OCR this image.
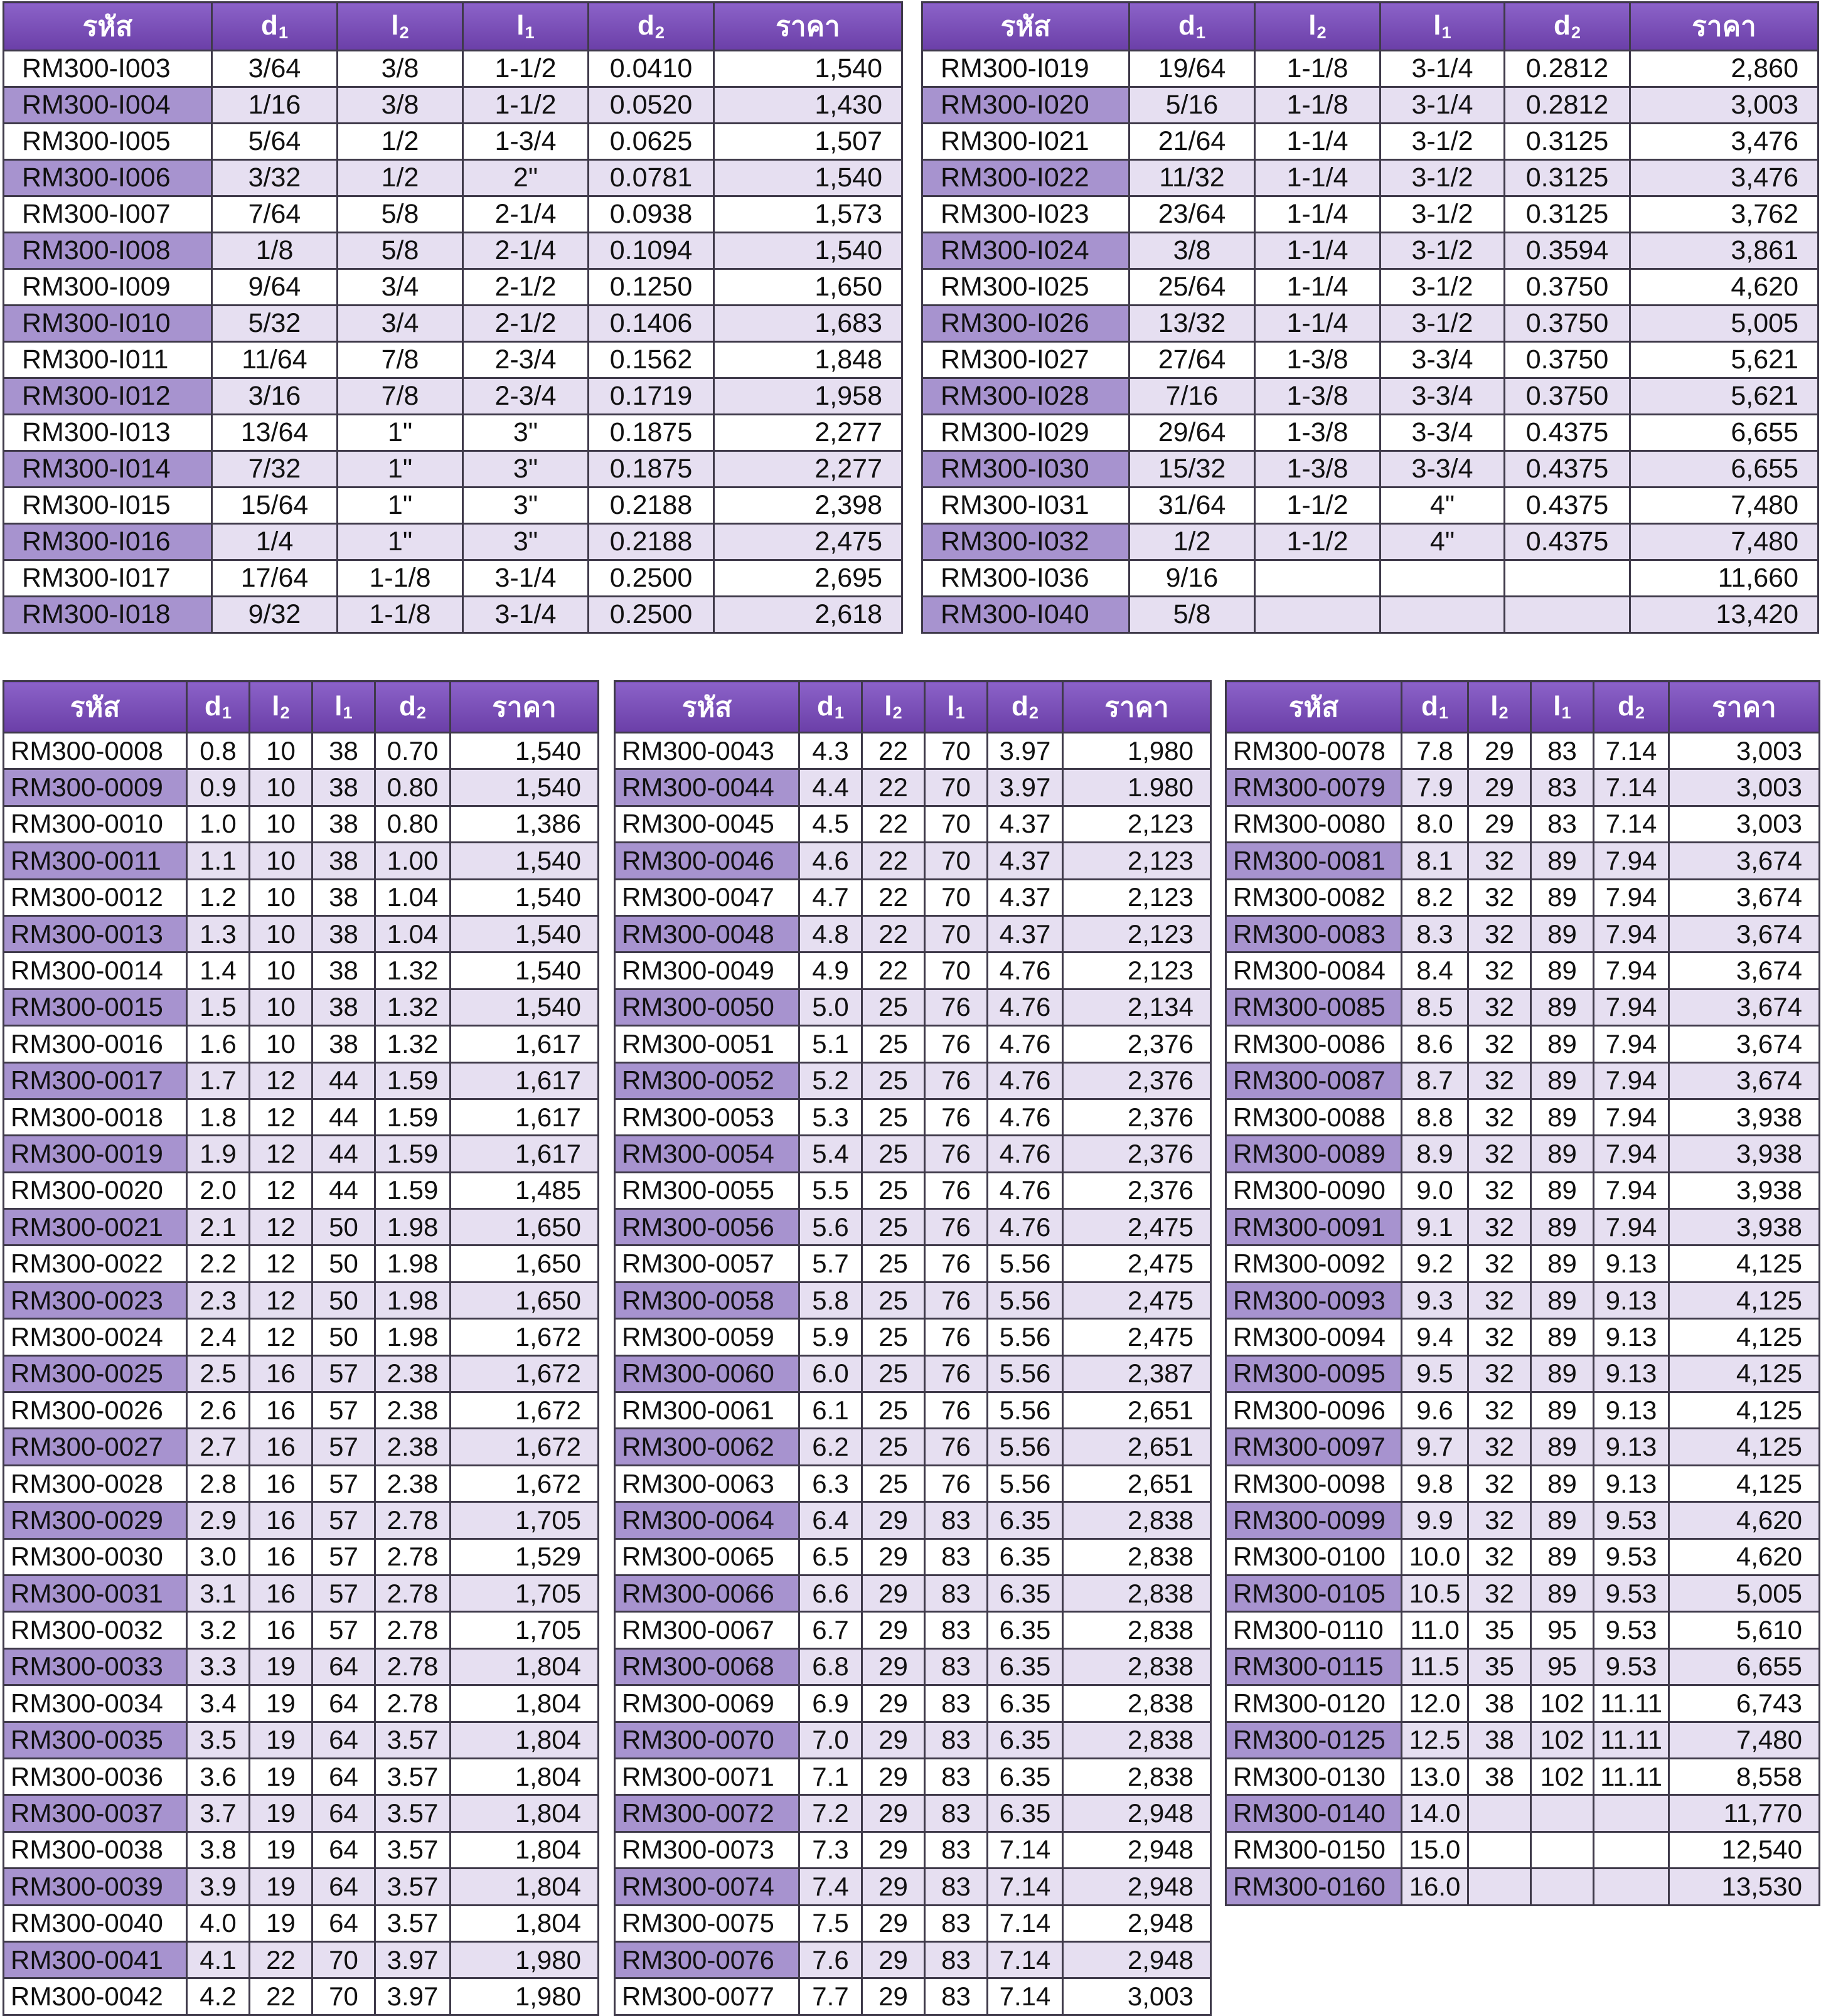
รหัส	$d_1$	$l_2$	$l_1$	$d_2$	ราคา
RM300-I003	3/64	3/8	1-1/2	0.0410	1,540
RM300-I004	1/16	3/8	1-1/2	0.0520	1,430
RM300-I005	5/64	1/2	1-3/4	0.0625	1,507
RM300-I006	3/32	1/2	2"	0.0781	1,540
RM300-I007	7/64	5/8	2-1/4	0.0938	1,573
RM300-I008	1/8	5/8	2-1/4	0.1094	1,540
RM300-I009	9/64	3/4	2-1/2	0.1250	1,650
RM300-I010	5/32	3/4	2-1/2	0.1406	1,683
RM300-I011	11/64	7/8	2-3/4	0.1562	1,848
RM300-I012	3/16	7/8	2-3/4	0.1719	1,958
RM300-I013	13/64	1"	3"	0.1875	2,277
RM300-I014	7/32	1"	3"	0.1875	2,277
RM300-I015	15/64	1"	3"	0.2188	2,398
RM300-I016	1/4	1"	3"	0.2188	2,475
RM300-I017	17/64	1-1/8	3-1/4	0.2500	2,695
RM300-I018	9/32	1-1/8	3-1/4	0.2500	2,618
รหัส	$d_1$	$l_2$	$l_1$	$d_2$	ราคา
RM300-I019	19/64	1-1/8	3-1/4	0.2812	2,860
RM300-I020	5/16	1-1/8	3-1/4	0.2812	3,003
RM300-I021	21/64	1-1/4	3-1/2	0.3125	3,476
RM300-I022	11/32	1-1/4	3-1/2	0.3125	3,476
RM300-I023	23/64	1-1/4	3-1/2	0.3125	3,762
RM300-I024	3/8	1-1/4	3-1/2	0.3594	3,861
RM300-I025	25/64	1-1/4	3-1/2	0.3750	4,620
RM300-I026	13/32	1-1/4	3-1/2	0.3750	5,005
RM300-I027	27/64	1-3/8	3-3/4	0.3750	5,621
RM300-I028	7/16	1-3/8	3-3/4	0.3750	5,621
RM300-I029	29/64	1-3/8	3-3/4	0.4375	6,655
RM300-I030	15/32	1-3/8	3-3/4	0.4375	6,655
RM300-I031	31/64	1-1/2	4"	0.4375	7,480
RM300-I032	1/2	1-1/2	4"	0.4375	7,480
RM300-I036	9/16				11,660
RM300-I040	5/8				13,420
รหัส	$d_1$	$l_2$	$l_1$	$d_2$	ราคา
RM300-0008	0.8	10	38	0.70	1,540
RM300-0009	0.9	10	38	0.80	1,540
RM300-0010	1.0	10	38	0.80	1,386
RM300-0011	1.1	10	38	1.00	1,540
RM300-0012	1.2	10	38	1.04	1,540
RM300-0013	1.3	10	38	1.04	1,540
RM300-0014	1.4	10	38	1.32	1,540
RM300-0015	1.5	10	38	1.32	1,540
RM300-0016	1.6	10	38	1.32	1,617
RM300-0017	1.7	12	44	1.59	1,617
RM300-0018	1.8	12	44	1.59	1,617
RM300-0019	1.9	12	44	1.59	1,617
RM300-0020	2.0	12	44	1.59	1,485
RM300-0021	2.1	12	50	1.98	1,650
RM300-0022	2.2	12	50	1.98	1,650
RM300-0023	2.3	12	50	1.98	1,650
RM300-0024	2.4	12	50	1.98	1,672
RM300-0025	2.5	16	57	2.38	1,672
RM300-0026	2.6	16	57	2.38	1,672
RM300-0027	2.7	16	57	2.38	1,672
RM300-0028	2.8	16	57	2.38	1,672
RM300-0029	2.9	16	57	2.78	1,705
RM300-0030	3.0	16	57	2.78	1,529
RM300-0031	3.1	16	57	2.78	1,705
RM300-0032	3.2	16	57	2.78	1,705
RM300-0033	3.3	19	64	2.78	1,804
RM300-0034	3.4	19	64	2.78	1,804
RM300-0035	3.5	19	64	3.57	1,804
RM300-0036	3.6	19	64	3.57	1,804
RM300-0037	3.7	19	64	3.57	1,804
RM300-0038	3.8	19	64	3.57	1,804
RM300-0039	3.9	19	64	3.57	1,804
RM300-0040	4.0	19	64	3.57	1,804
RM300-0041	4.1	22	70	3.97	1,980
RM300-0042	4.2	22	70	3.97	1,980
รหัส	$d_1$	$l_2$	$l_1$	$d_2$	ราคา
RM300-0043	4.3	22	70	3.97	1,980
RM300-0044	4.4	22	70	3.97	1.980
RM300-0045	4.5	22	70	4.37	2,123
RM300-0046	4.6	22	70	4.37	2,123
RM300-0047	4.7	22	70	4.37	2,123
RM300-0048	4.8	22	70	4.37	2,123
RM300-0049	4.9	22	70	4.76	2,123
RM300-0050	5.0	25	76	4.76	2,134
RM300-0051	5.1	25	76	4.76	2,376
RM300-0052	5.2	25	76	4.76	2,376
RM300-0053	5.3	25	76	4.76	2,376
RM300-0054	5.4	25	76	4.76	2,376
RM300-0055	5.5	25	76	4.76	2,376
RM300-0056	5.6	25	76	4.76	2,475
RM300-0057	5.7	25	76	5.56	2,475
RM300-0058	5.8	25	76	5.56	2,475
RM300-0059	5.9	25	76	5.56	2,475
RM300-0060	6.0	25	76	5.56	2,387
RM300-0061	6.1	25	76	5.56	2,651
RM300-0062	6.2	25	76	5.56	2,651
RM300-0063	6.3	25	76	5.56	2,651
RM300-0064	6.4	29	83	6.35	2,838
RM300-0065	6.5	29	83	6.35	2,838
RM300-0066	6.6	29	83	6.35	2,838
RM300-0067	6.7	29	83	6.35	2,838
RM300-0068	6.8	29	83	6.35	2,838
RM300-0069	6.9	29	83	6.35	2,838
RM300-0070	7.0	29	83	6.35	2,838
RM300-0071	7.1	29	83	6.35	2,838
RM300-0072	7.2	29	83	6.35	2,948
RM300-0073	7.3	29	83	7.14	2,948
RM300-0074	7.4	29	83	7.14	2,948
RM300-0075	7.5	29	83	7.14	2,948
RM300-0076	7.6	29	83	7.14	2,948
RM300-0077	7.7	29	83	7.14	3,003
รหัส	$d_1$	$l_2$	$l_1$	$d_2$	ราคา
RM300-0078	7.8	29	83	7.14	3,003
RM300-0079	7.9	29	83	7.14	3,003
RM300-0080	8.0	29	83	7.14	3,003
RM300-0081	8.1	32	89	7.94	3,674
RM300-0082	8.2	32	89	7.94	3,674
RM300-0083	8.3	32	89	7.94	3,674
RM300-0084	8.4	32	89	7.94	3,674
RM300-0085	8.5	32	89	7.94	3,674
RM300-0086	8.6	32	89	7.94	3,674
RM300-0087	8.7	32	89	7.94	3,674
RM300-0088	8.8	32	89	7.94	3,938
RM300-0089	8.9	32	89	7.94	3,938
RM300-0090	9.0	32	89	7.94	3,938
RM300-0091	9.1	32	89	7.94	3,938
RM300-0092	9.2	32	89	9.13	4,125
RM300-0093	9.3	32	89	9.13	4,125
RM300-0094	9.4	32	89	9.13	4,125
RM300-0095	9.5	32	89	9.13	4,125
RM300-0096	9.6	32	89	9.13	4,125
RM300-0097	9.7	32	89	9.13	4,125
RM300-0098	9.8	32	89	9.13	4,125
RM300-0099	9.9	32	89	9.53	4,620
RM300-0100	10.0	32	89	9.53	4,620
RM300-0105	10.5	32	89	9.53	5,005
RM300-0110	11.0	35	95	9.53	5,610
RM300-0115	11.5	35	95	9.53	6,655
RM300-0120	12.0	38	102	11.11	6,743
RM300-0125	12.5	38	102	11.11	7,480
RM300-0130	13.0	38	102	11.11	8,558
RM300-0140	14.0				11,770
RM300-0150	15.0				12,540
RM300-0160	16.0				13,530
